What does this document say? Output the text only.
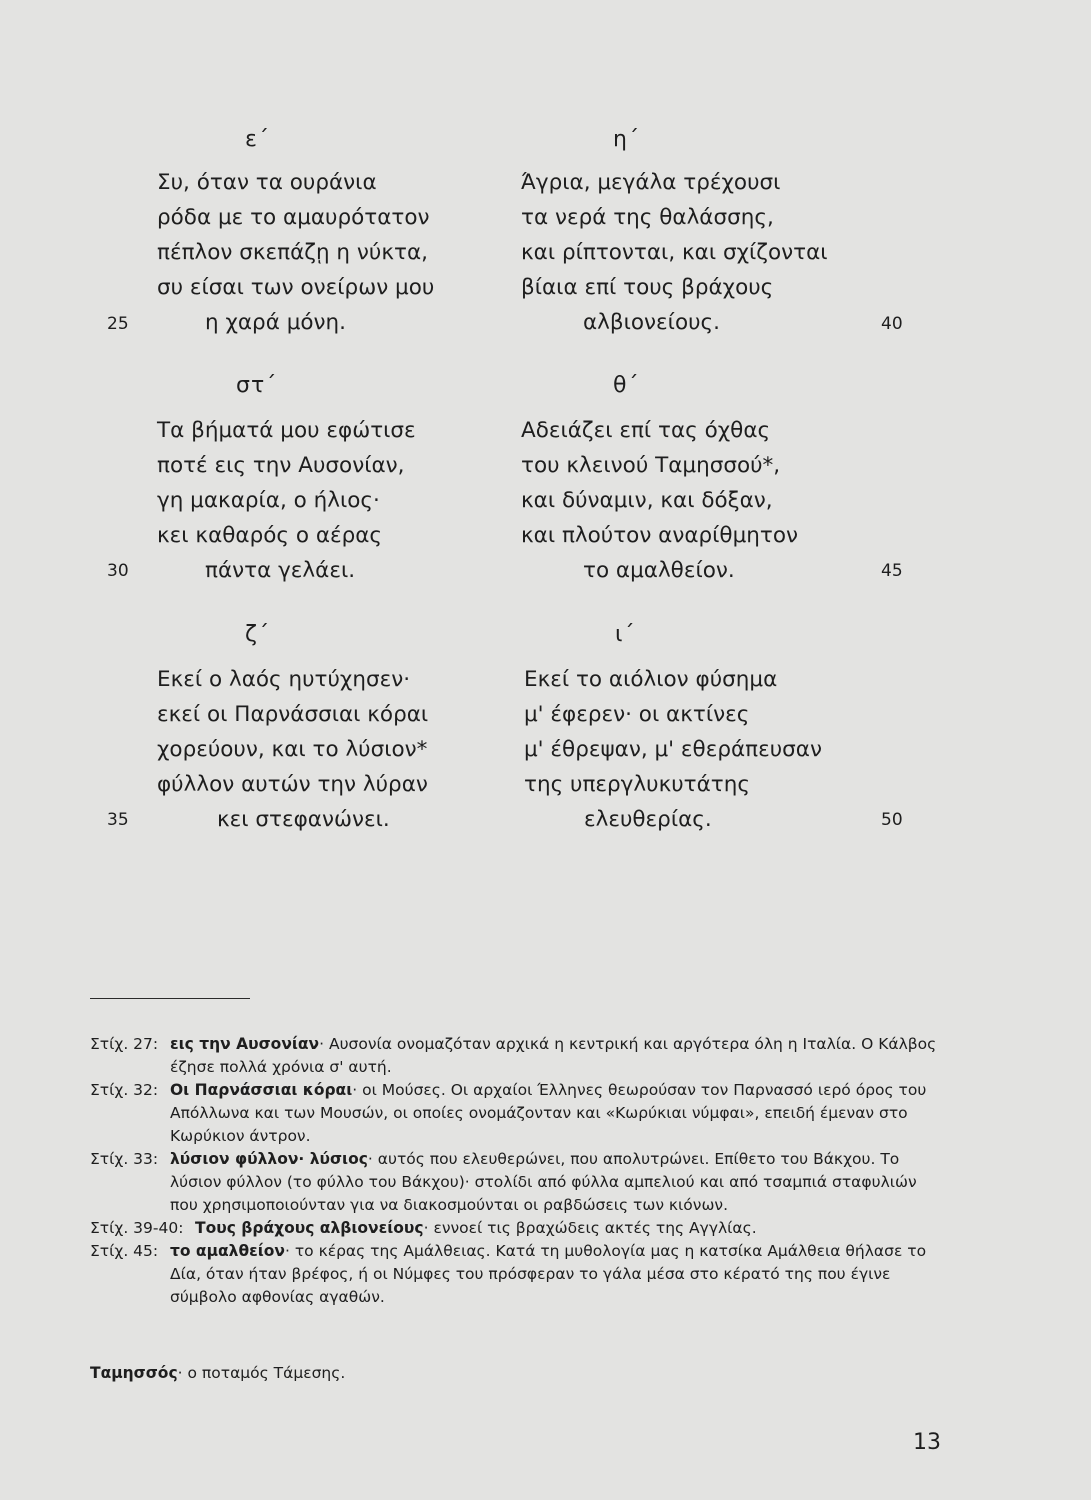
ε΄
Συ, όταν τα ουράνια
ρόδα με το αμαυρότατον
πέπλον σκεπάζῃ η νύκτα,
συ είσαι των ονείρων μου
η χαρά μόνη.
25
η΄
Άγρια, μεγάλα τρέχουσι
τα νερά της θαλάσσης,
και ρίπτονται, και σχίζονται
βίαια επί τους βράχους
αλβιονείους.	40
στ΄
Τα βήματά μου εφώτισε
ποτέ εις την Αυσονίαν,
γη μακαρία, ο ήλιος·
κει καθαρός ο αέρας
πάντα γελάει.
30
θ΄
Αδειάζει επί τας όχθας
του κλεινού Ταμησσού*,
και δύναμιν, και δόξαν,
και πλούτον αναρίθμητον
το αμαλθείον.	45
ζ΄
Εκεί ο λαός ηυτύχησεν·
εκεί οι Παρνάσσιαι κόραι
χορεύουν, και το λύσιον*
φύλλον αυτών την λύραν
κει στεφανώνει.
35
ι΄
Εκεί το αιόλιον φύσημα
μ' έφερεν· οι ακτίνες
μ' έθρεψαν, μ' εθεράπευσαν
της υπεργλυκυτάτης
ελευθερίας.	50

Στίχ. 27: εις την Αυσονίαν· Αυσονία ονομαζόταν αρχικά η κεντρική και αργότερα όλη η Ιταλία. Ο Κάλβος έζησε πολλά χρόνια σ' αυτή.

Στίχ. 32: Οι Παρνάσσιαι κόραι· οι Μούσες. Οι αρχαίοι Έλληνες θεωρούσαν τον Παρνασσό ιερό όρος του Απόλλωνα και των Μουσών, οι οποίες ονομάζονταν και «Κωρύκιαι νύμφαι», επειδή έμεναν στο Κωρύκιον άντρον.

Στίχ. 33: λύσιον φύλλον· λύσιος· αυτός που ελευθερώνει, που απολυτρώνει. Επίθετο του Βάκχου. Το λύσιον φύλλον (το φύλλο του Βάκχου)· στολίδι από φύλλα αμπελιού και από τσαμπιά σταφυλιών που χρησιμοποιούνταν για να διακοσμούνται οι ραβδώσεις των κιόνων.

Στίχ. 39-40: Τους βράχους αλβιονείους· εννοεί τις βραχώδεις ακτές της Αγγλίας.

Στίχ. 45: το αμαλθείον· το κέρας της Αμάλθειας. Κατά τη μυθολογία μας η κατσίκα Αμάλθεια θήλασε το Δία, όταν ήταν βρέφος, ή οι Νύμφες του πρόσφεραν το γάλα μέσα στο κέρατό της που έγινε σύμβολο αφθονίας αγαθών.

Ταμησσός· ο ποταμός Τάμεσης.
13
